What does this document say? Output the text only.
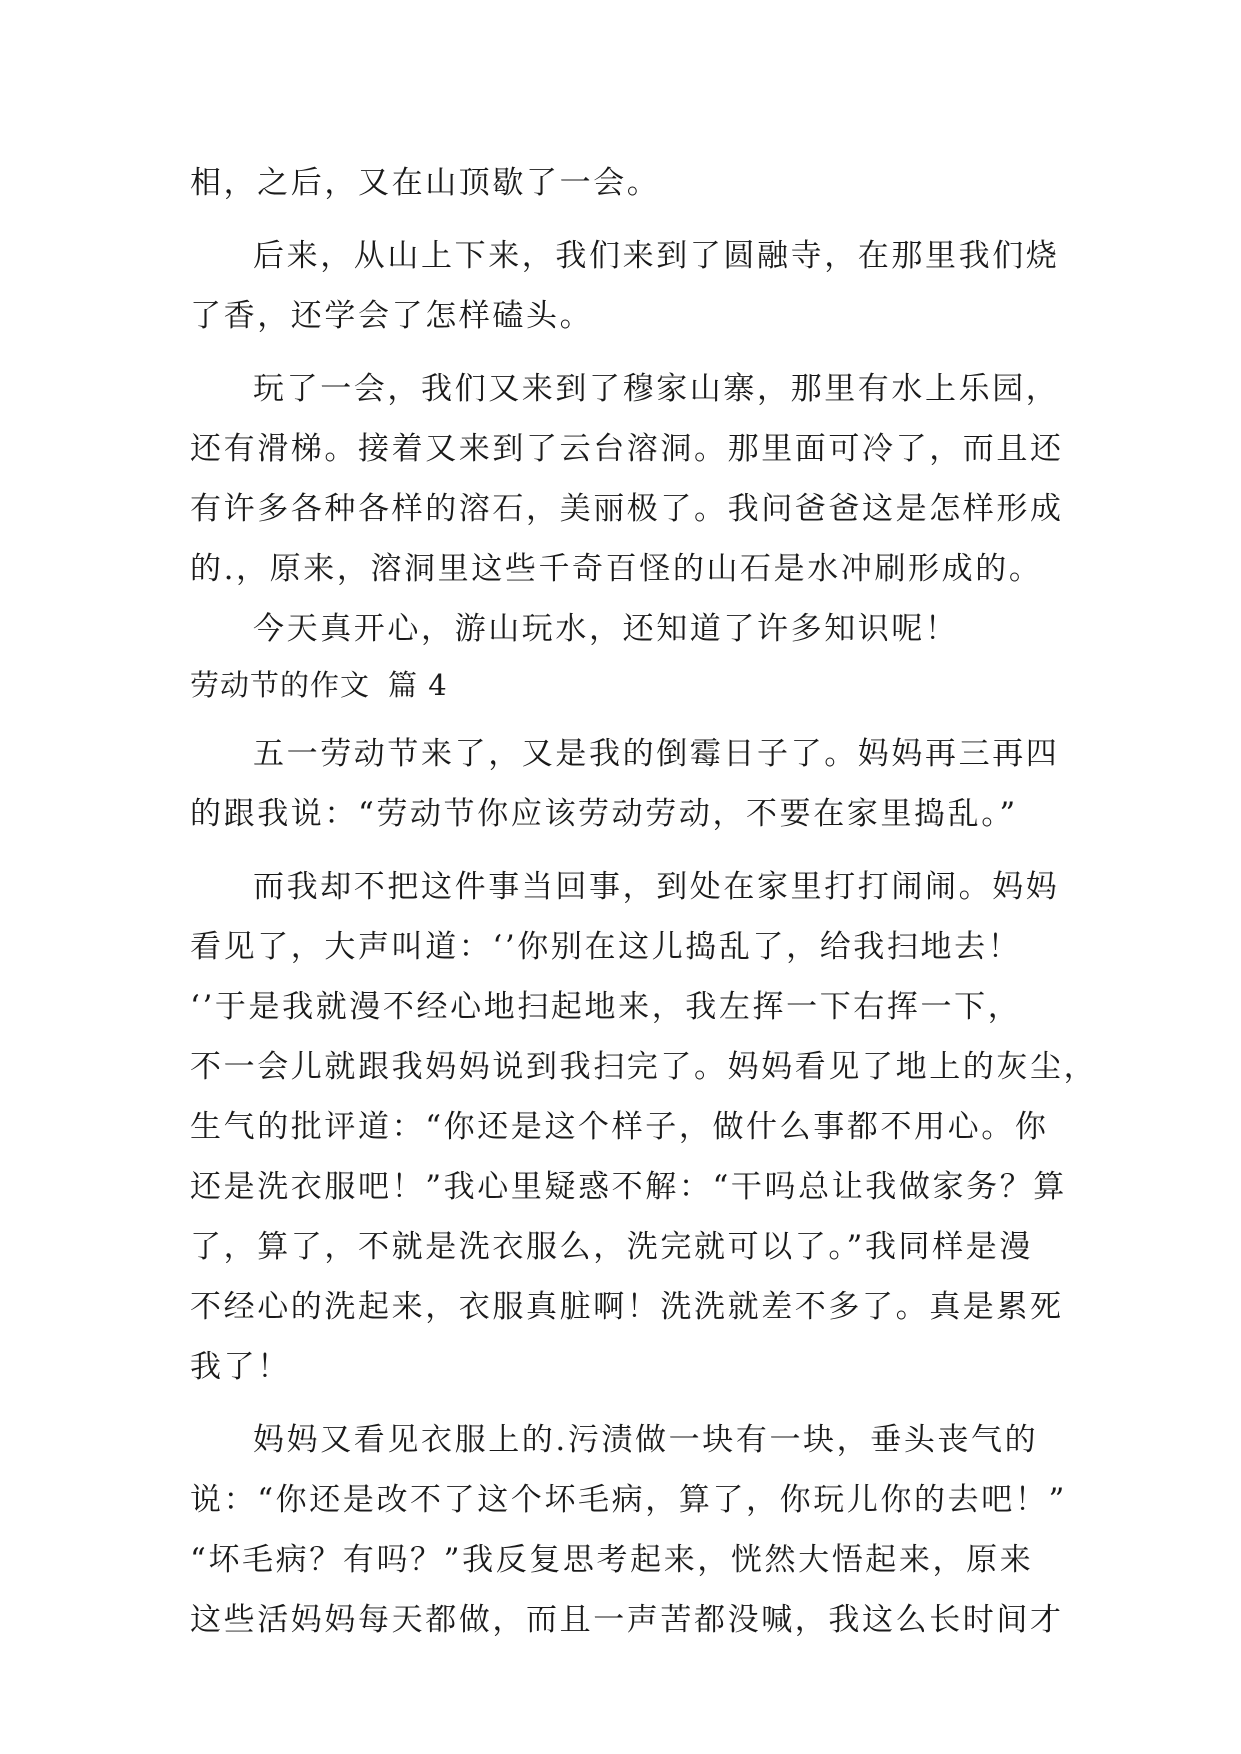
相，之后，又在山顶歇了一会。
后来，从山上下来，我们来到了圆融寺，在那里我们烧
了香，还学会了怎样磕头。
玩了一会，我们又来到了穆家山寨，那里有水上乐园，
还有滑梯。接着又来到了云台溶洞。那里面可冷了，而且还
有许多各种各样的溶石，美丽极了。我问爸爸这是怎样形成
的.，原来，溶洞里这些千奇百怪的山石是水冲刷形成的。
今天真开心，游山玩水，还知道了许多知识呢！
劳动节的作文 篇 4
五一劳动节来了，又是我的倒霉日子了。妈妈再三再四
的跟我说：“劳动节你应该劳动劳动，不要在家里捣乱。”
而我却不把这件事当回事，到处在家里打打闹闹。妈妈
看见了，大声叫道：‘’你别在这儿捣乱了，给我扫地去！
‘’于是我就漫不经心地扫起地来，我左挥一下右挥一下，
不一会儿就跟我妈妈说到我扫完了。妈妈看见了地上的灰尘，
生气的批评道：“你还是这个样子，做什么事都不用心。你
还是洗衣服吧！”我心里疑惑不解：“干吗总让我做家务？算
了，算了，不就是洗衣服么，洗完就可以了。”我同样是漫
不经心的洗起来，衣服真脏啊！洗洗就差不多了。真是累死
我了！
妈妈又看见衣服上的.污渍做一块有一块，垂头丧气的
说：“你还是改不了这个坏毛病，算了，你玩儿你的去吧！”
“坏毛病？有吗？”我反复思考起来，恍然大悟起来，原来
这些活妈妈每天都做，而且一声苦都没喊，我这么长时间才
